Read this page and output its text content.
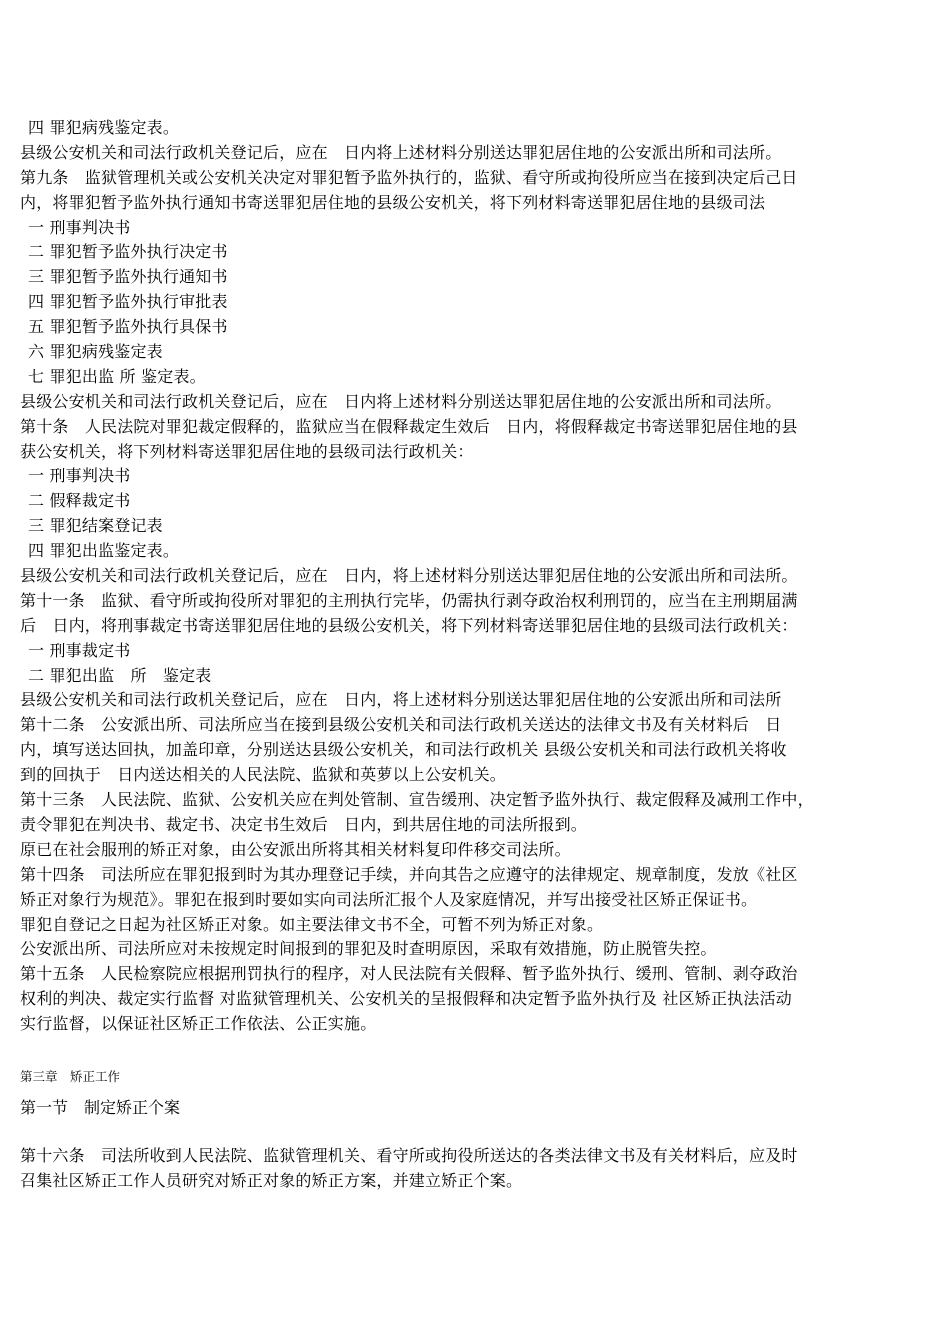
四 罪犯病残鉴定表。
县级公安机关和司法行政机关登记后，应在　日内将上述材料分别送达罪犯居住地的公安派出所和司法所。
第九条　监狱管理机关或公安机关决定对罪犯暂予监外执行的，监狱、看守所或拘役所应当在接到决定后己日
内，将罪犯暂予监外执行通知书寄送罪犯居住地的县级公安机关，将下列材料寄送罪犯居住地的县级司法
一 刑事判决书
二 罪犯暂予监外执行决定书
三 罪犯暂予监外执行通知书
四 罪犯暂予监外执行审批表
五 罪犯暂予监外执行具保书
六 罪犯病残鉴定表
七 罪犯出监 所 鉴定表。
县级公安机关和司法行政机关登记后，应在　日内将上述材料分别送达罪犯居住地的公安派出所和司法所。
第十条　人民法院对罪犯裁定假释的，监狱应当在假释裁定生效后　日内，将假释裁定书寄送罪犯居住地的县
获公安机关，将下列材料寄送罪犯居住地的县级司法行政机关：
一 刑事判决书
二 假释裁定书
三 罪犯结案登记表
四 罪犯出监鉴定表。
县级公安机关和司法行政机关登记后，应在　日内，将上述材料分别送达罪犯居住地的公安派出所和司法所。
第十一条　监狱、看守所或拘役所对罪犯的主刑执行完毕，仍需执行剥夺政治权利刑罚的，应当在主刑期届满
后　日内，将刑事裁定书寄送罪犯居住地的县级公安机关，将下列材料寄送罪犯居住地的县级司法行政机关：
一 刑事裁定书
二 罪犯出监　所　鉴定表
县级公安机关和司法行政机关登记后，应在　日内，将上述材料分别送达罪犯居住地的公安派出所和司法所
第十二条　公安派出所、司法所应当在接到县级公安机关和司法行政机关送达的法律文书及有关材料后　日
内，填写送达回执，加盖印章，分别送达县级公安机关，和司法行政机关 县级公安机关和司法行政机关将收
到的回执于　日内送达相关的人民法院、监狱和英萝以上公安机关。
第十三条　人民法院、监狱、公安机关应在判处管制、宣告缓刑、决定暂予监外执行、裁定假释及减刑工作中，
责令罪犯在判决书、裁定书、决定书生效后　日内，到共居住地的司法所报到。
原已在社会服刑的矫正对象，由公安派出所将其相关材料复印件移交司法所。
第十四条　司法所应在罪犯报到时为其办理登记手续，并向其告之应遵守的法律规定、规章制度，发放《社区
矫正对象行为规范》。罪犯在报到时要如实向司法所汇报个人及家庭情况，并写出接受社区矫正保证书。
罪犯自登记之日起为社区矫正对象。如主要法律文书不全，可暂不列为矫正对象。
公安派出所、司法所应对未按规定时间报到的罪犯及时查明原因，采取有效措施，防止脱管失控。
第十五条　人民检察院应根据刑罚执行的程序，对人民法院有关假释、暂予监外执行、缓刑、管制、剥夺政治
权利的判决、裁定实行监督 对监狱管理机关、公安机关的呈报假释和决定暂予监外执行及 社区矫正执法活动
实行监督，以保证社区矫正工作依法、公正实施。
第三章　矫正工作
第一节　制定矫正个案
第十六条　司法所收到人民法院、监狱管理机关、看守所或拘役所送达的各类法律文书及有关材料后，应及时
召集社区矫正工作人员研究对矫正对象的矫正方案，并建立矫正个案。
